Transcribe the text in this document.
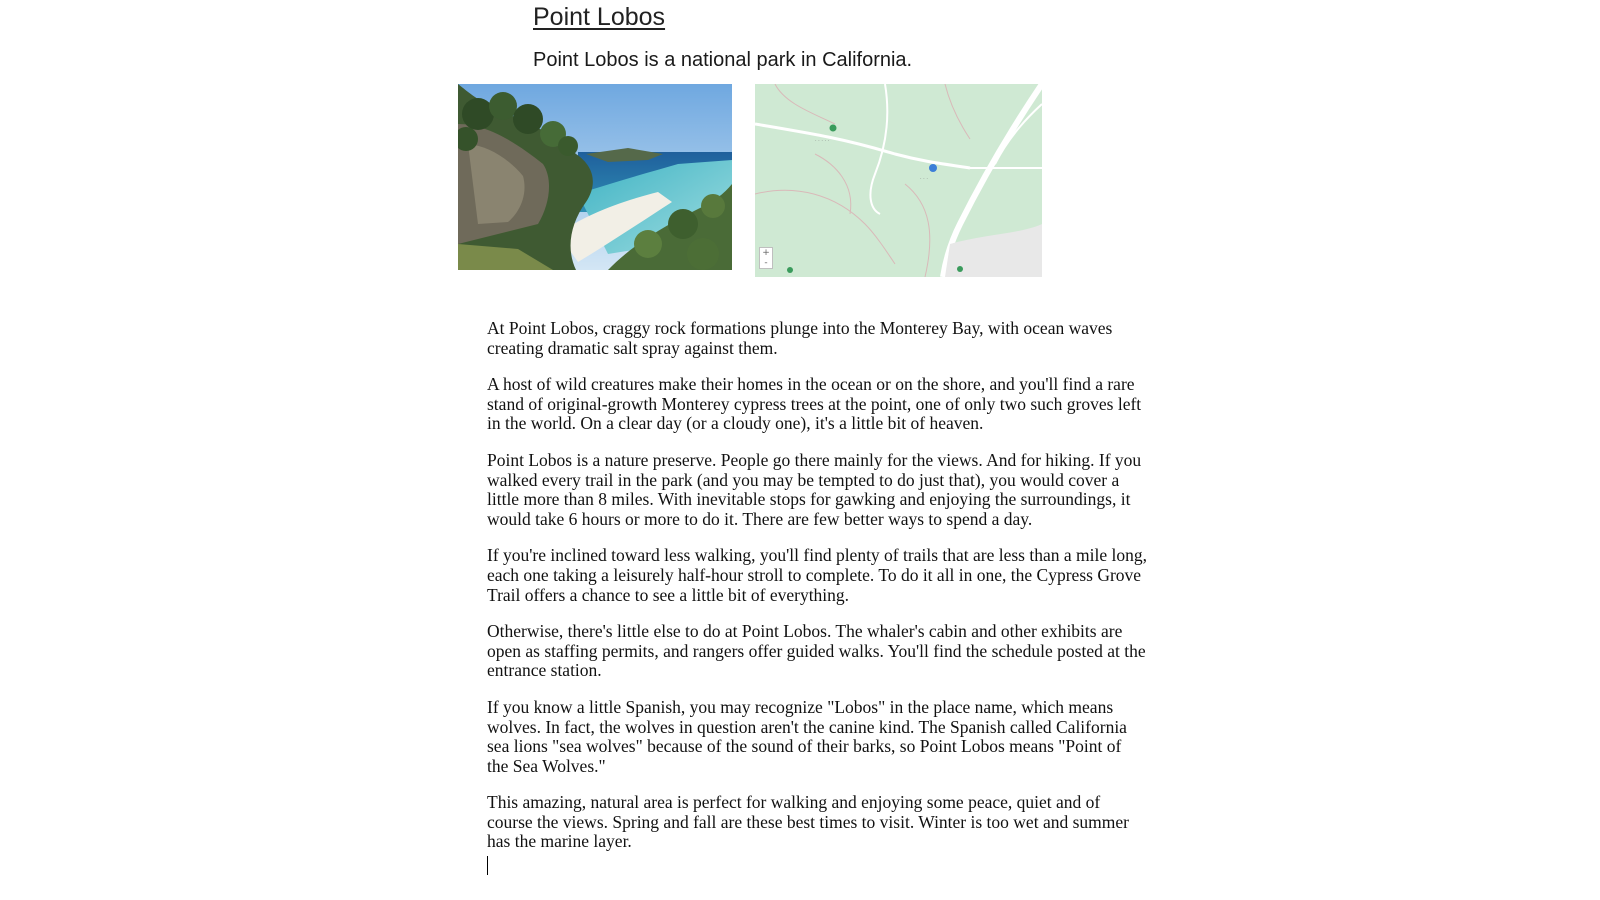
Point Lobos

Point Lobos is a national park in California.

· · · · ·
· · ·
+
-

At Point Lobos, craggy rock formations plunge into the Monterey Bay, with ocean waves creating dramatic salt spray against them.

A host of wild creatures make their homes in the ocean or on the shore, and you'll find a rare stand of original-growth Monterey cypress trees at the point, one of only two such groves left in the world. On a clear day (or a cloudy one), it's a little bit of heaven.

Point Lobos is a nature preserve. People go there mainly for the views. And for hiking. If you walked every trail in the park (and you may be tempted to do just that), you would cover a little more than 8 miles. With inevitable stops for gawking and enjoying the surroundings, it would take 6 hours or more to do it. There are few better ways to spend a day.

If you're inclined toward less walking, you'll find plenty of trails that are less than a mile long, each one taking a leisurely half-hour stroll to complete. To do it all in one, the Cypress Grove Trail offers a chance to see a little bit of everything.

Otherwise, there's little else to do at Point Lobos. The whaler's cabin and other exhibits are open as staffing permits, and rangers offer guided walks. You'll find the schedule posted at the entrance station.

If you know a little Spanish, you may recognize "Lobos" in the place name, which means wolves. In fact, the wolves in question aren't the canine kind. The Spanish called California sea lions "sea wolves" because of the sound of their barks, so Point Lobos means "Point of the Sea Wolves."

This amazing, natural area is perfect for walking and enjoying some peace, quiet and of course the views. Spring and fall are these best times to visit. Winter is too wet and summer has the marine layer.
